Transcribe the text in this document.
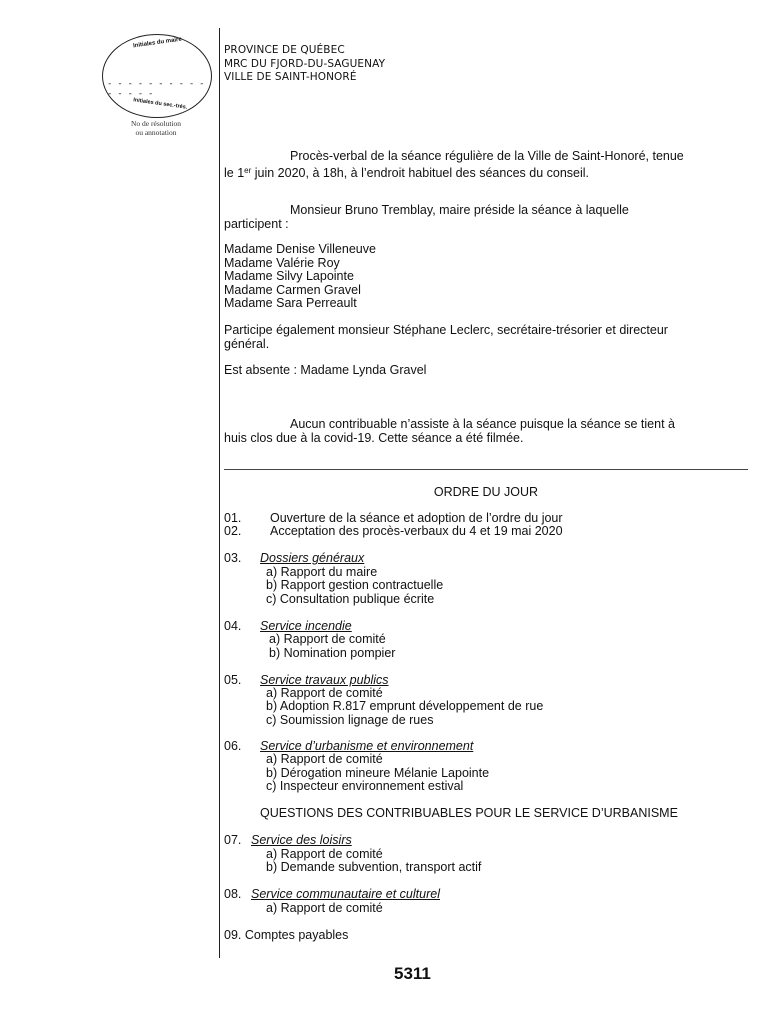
Initiales du maire
- - - - - - - - - - - - - - -
Initiales du sec.-trés.
No de résolution
ou annotation
PROVINCE DE QUÉBEC
MRC DU FJORD-DU-SAGUENAY
VILLE DE SAINT-HONORÉ
Procès-verbal de la séance régulière de la Ville de Saint-Honoré, tenue
le 1er juin 2020, à 18h, à l’endroit habituel des séances du conseil.
Monsieur Bruno Tremblay, maire préside la séance à laquelle
participent :
Madame Denise Villeneuve
Madame Valérie Roy
Madame Silvy Lapointe
Madame Carmen Gravel
Madame Sara Perreault
Participe également monsieur Stéphane Leclerc, secrétaire-trésorier et directeur
général.
Est absente : Madame Lynda Gravel
Aucun contribuable n’assiste à la séance puisque la séance se tient à
huis clos due à la covid-19. Cette séance a été filmée.
ORDRE DU JOUR
01. Ouverture de la séance et adoption de l’ordre du jour
02. Acceptation des procès-verbaux du 4 et 19 mai 2020
03. Dossiers généraux
a) Rapport du maire
b) Rapport gestion contractuelle
c) Consultation publique écrite
04. Service incendie
a) Rapport de comité
b) Nomination pompier
05. Service travaux publics
a) Rapport de comité
b) Adoption R.817 emprunt développement de rue
c) Soumission lignage de rues
06. Service d’urbanisme et environnement
a) Rapport de comité
b) Dérogation mineure Mélanie Lapointe
c) Inspecteur environnement estival
QUESTIONS DES CONTRIBUABLES POUR LE SERVICE D’URBANISME
07. Service des loisirs
a) Rapport de comité
b) Demande subvention, transport actif
08. Service communautaire et culturel
a) Rapport de comité
09. Comptes payables
5311
